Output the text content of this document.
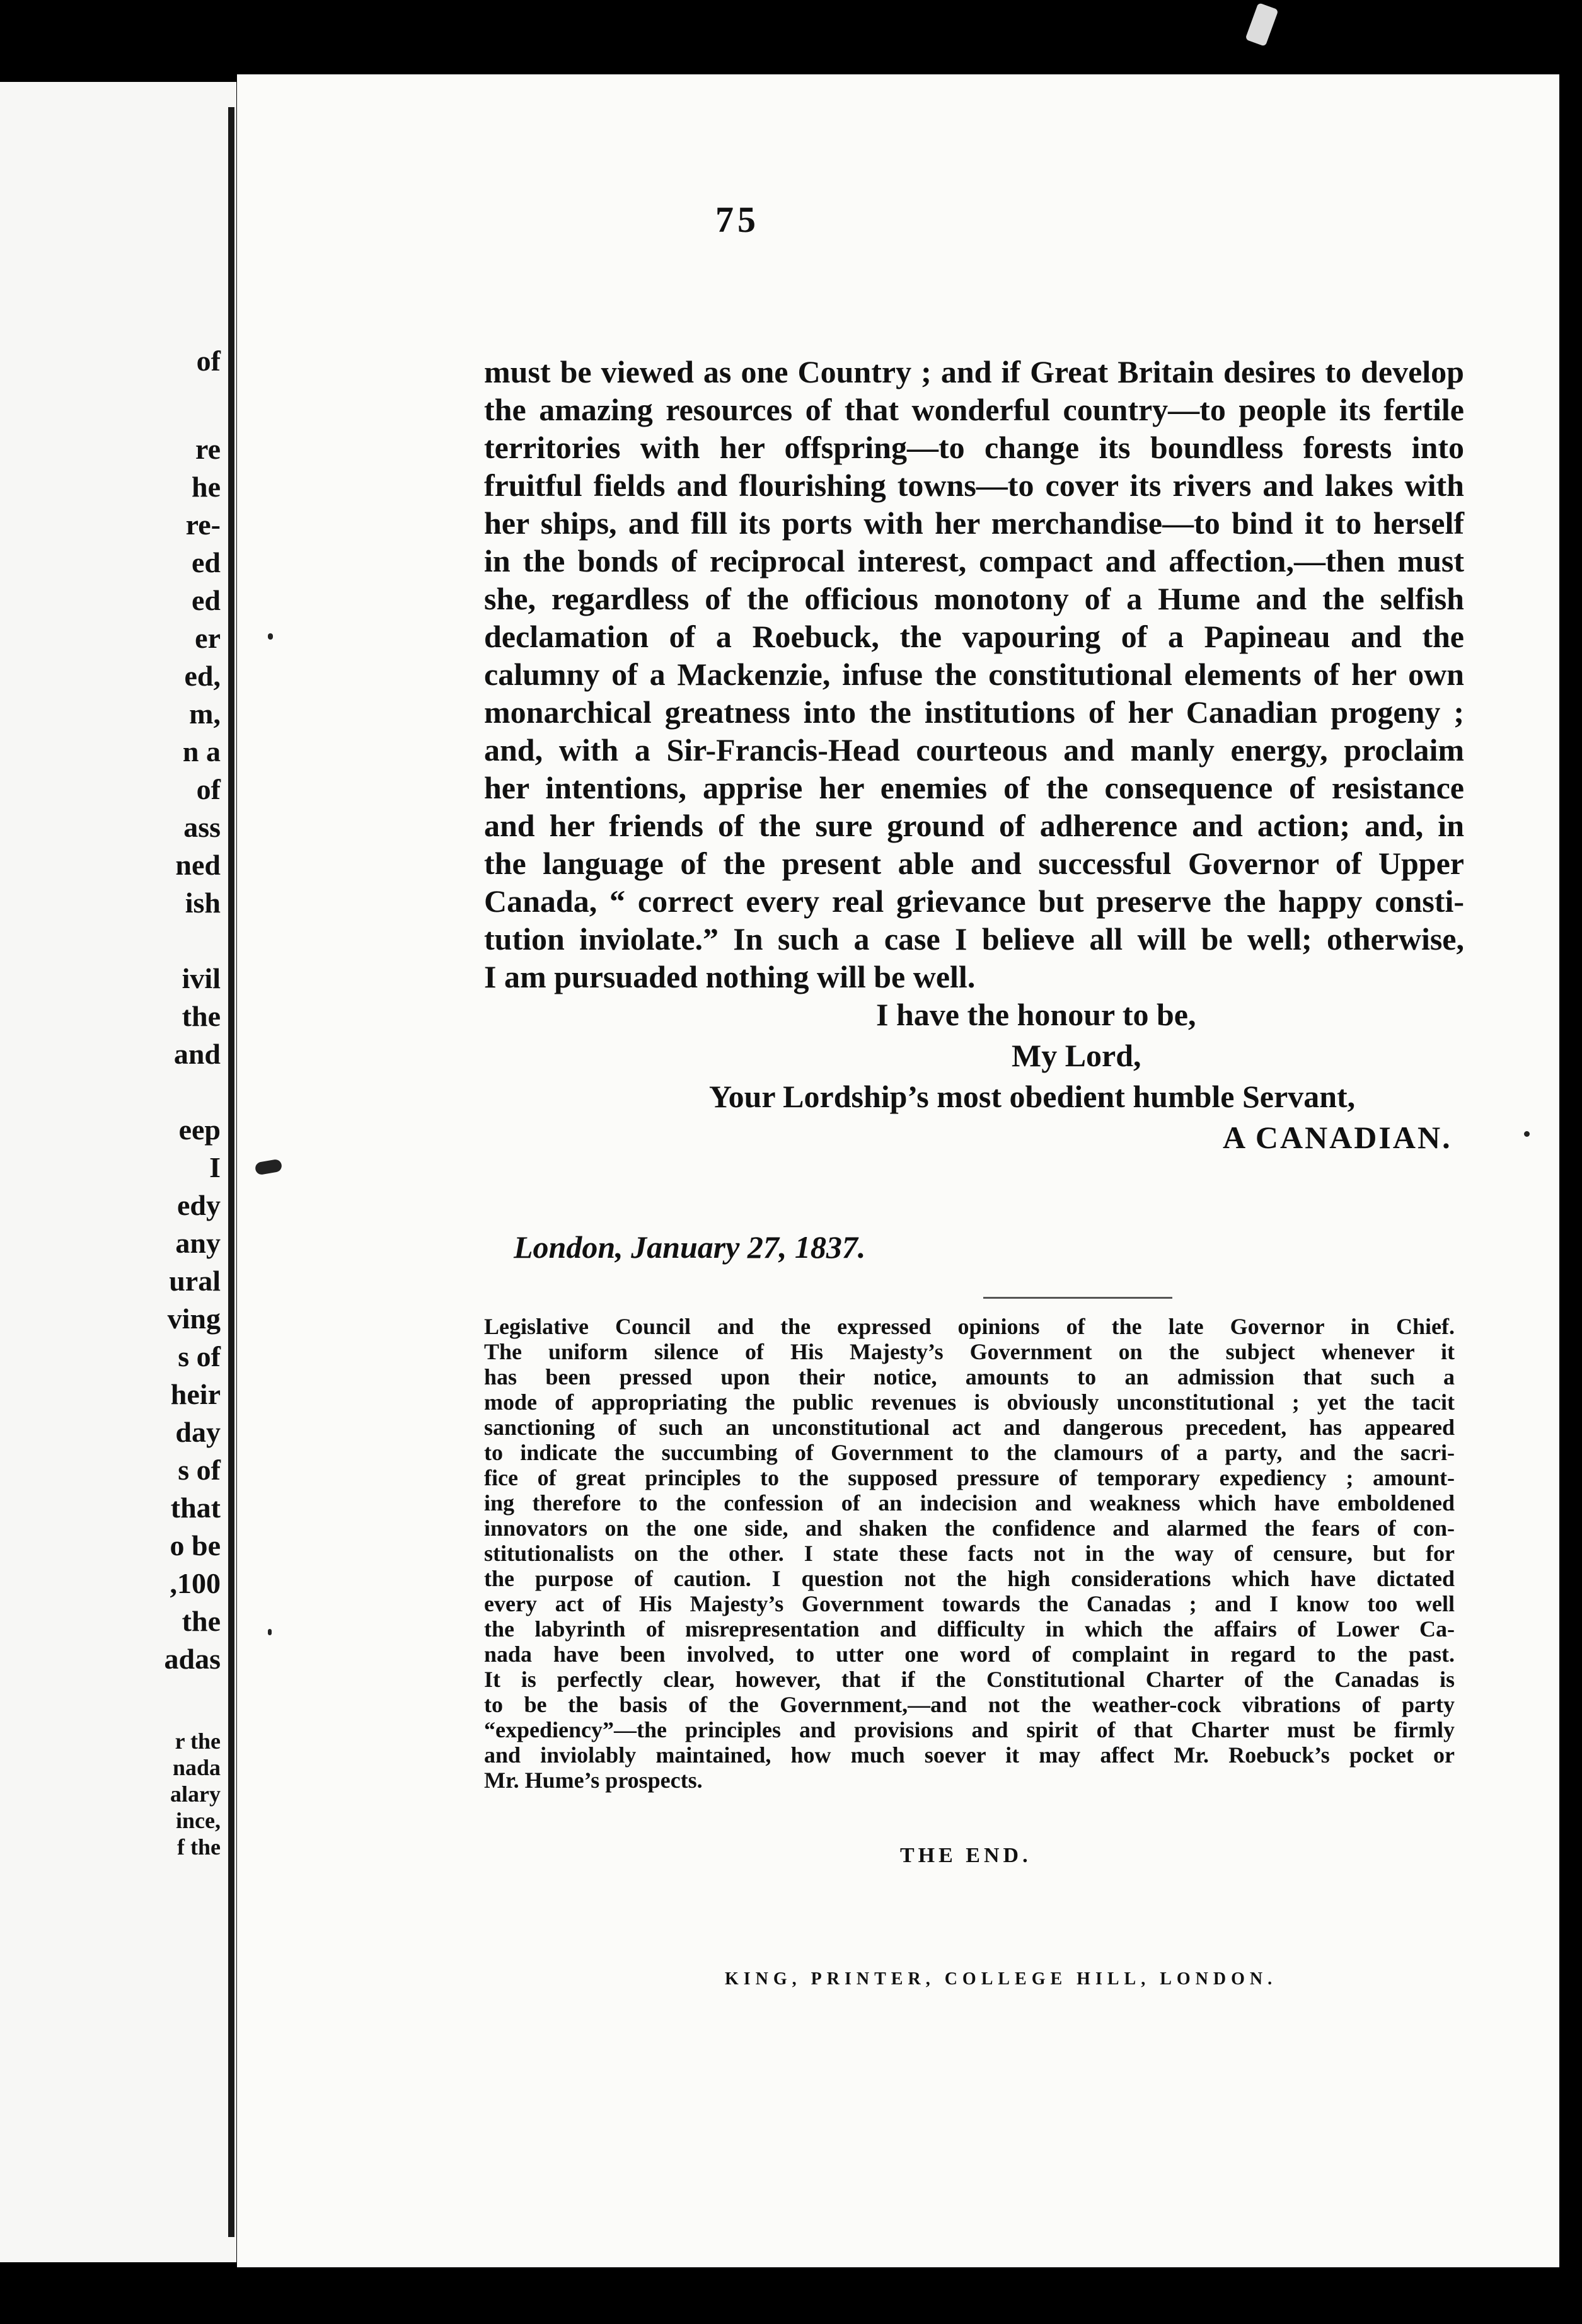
of
re
he
re-
ed
ed
er
ed,
m,
n a
of
ass
ned
ish
ivil
the
and
eep
I
edy
any
ural
ving
s of
heir
day
s of
that
o be
,100
the
adas
r the
nada
alary
ince,
f the
75
must be viewed as one Country ; and if Great Britain desires to develop
the amazing resources of that wonderful country—to people its fertile
territories with her offspring—to change its boundless forests into
fruitful fields and flourishing towns—to cover its rivers and lakes with
her ships, and fill its ports with her merchandise—to bind it to herself
in the bonds of reciprocal interest, compact and affection,—then must
she, regardless of the officious monotony of a Hume and the selfish
declamation of a Roebuck, the vapouring of a Papineau and the
calumny of a Mackenzie, infuse the constitutional elements of her own
monarchical greatness into the institutions of her Canadian progeny ;
and, with a Sir-Francis-Head courteous and manly energy, proclaim
her intentions, apprise her enemies of the consequence of resistance
and her friends of the sure ground of adherence and action; and, in
the language of the present able and successful Governor of Upper
Canada, “ correct every real grievance but preserve the happy consti-
tution inviolate.” In such a case I believe all will be well; otherwise,
I am pursuaded nothing will be well.
I have the honour to be,
My Lord,
Your Lordship’s most obedient humble Servant,
A CANADIAN.
London, January 27, 1837.
Legislative Council and the expressed opinions of the late Governor in Chief.
The uniform silence of His Majesty’s Government on the subject whenever it
has been pressed upon their notice, amounts to an admission that such a
mode of appropriating the public revenues is obviously unconstitutional ; yet the tacit
sanctioning of such an unconstitutional act and dangerous precedent, has appeared
to indicate the succumbing of Government to the clamours of a party, and the sacri-
fice of great principles to the supposed pressure of temporary expediency ; amount-
ing therefore to the confession of an indecision and weakness which have emboldened
innovators on the one side, and shaken the confidence and alarmed the fears of con-
stitutionalists on the other. I state these facts not in the way of censure, but for
the purpose of caution. I question not the high considerations which have dictated
every act of His Majesty’s Government towards the Canadas ; and I know too well
the labyrinth of misrepresentation and difficulty in which the affairs of Lower Ca-
nada have been involved, to utter one word of complaint in regard to the past.
It is perfectly clear, however, that if the Constitutional Charter of the Canadas is
to be the basis of the Government,—and not the weather-cock vibrations of party
“expediency”—the principles and provisions and spirit of that Charter must be firmly
and inviolably maintained, how much soever it may affect Mr. Roebuck’s pocket or
Mr. Hume’s prospects.
THE END.
KING, PRINTER, COLLEGE HILL, LONDON.
